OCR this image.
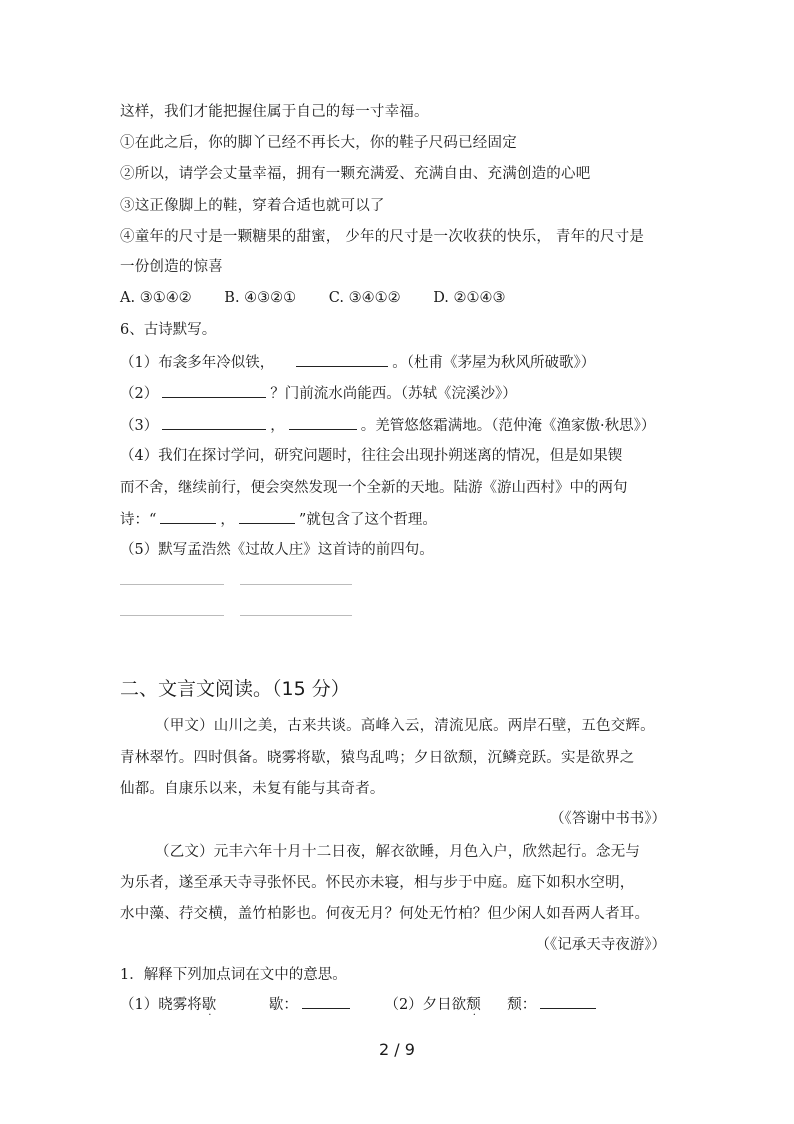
这样，我们才能把握住属于自己的每一寸幸福。
①在此之后，你的脚丫已经不再长大，你的鞋子尺码已经固定
②所以，请学会丈量幸福，拥有一颗充满爱、充满自由、充满创造的心吧
③这正像脚上的鞋，穿着合适也就可以了
④童年的尺寸是一颗糖果的甜蜜， 少年的尺寸是一次收获的快乐， 青年的尺寸是
一份创造的惊喜
A. ③①④② B. ④③②① C. ③④①② D. ②①④③
6、古诗默写。
（1）布衾多年冷似铁，	。（杜甫《茅屋为秋风所破歌》）
（2）	？门前流水尚能西。（苏轼《浣溪沙》）
（3）	，	。羌管悠悠霜满地。（范仲淹《渔家傲·秋思》）
（4）我们在探讨学问，研究问题时，往往会出现扑朔迷离的情况，但是如果锲
而不舍，继续前行，便会突然发现一个全新的天地。陆游《游山西村》中的两句
诗：“	，	”就包含了这个哲理。
（5）默写孟浩然《过故人庄》这首诗的前四句。
二、文言文阅读。（15 分）
（甲文）山川之美，古来共谈。高峰入云，清流见底。两岸石壁，五色交辉。
青林翠竹。四时俱备。晓雾将歇，猿鸟乱鸣；夕日欲颓，沉鳞竞跃。实是欲界之
仙都。自康乐以来，未复有能与其奇者。
（《答谢中书书》）
（乙文）元丰六年十月十二日夜，解衣欲睡，月色入户，欣然起行。念无与
为乐者，遂至承天寺寻张怀民。怀民亦未寝，相与步于中庭。庭下如积水空明，
水中藻、荇交横，盖竹柏影也。何夜无月？何处无竹柏？但少闲人如吾两人者耳。
（《记承天寺夜游》）
1．解释下列加点词在文中的意思。
（1）晓雾将歇	歇：	（2）夕日欲颓 颓：
2 / 9
